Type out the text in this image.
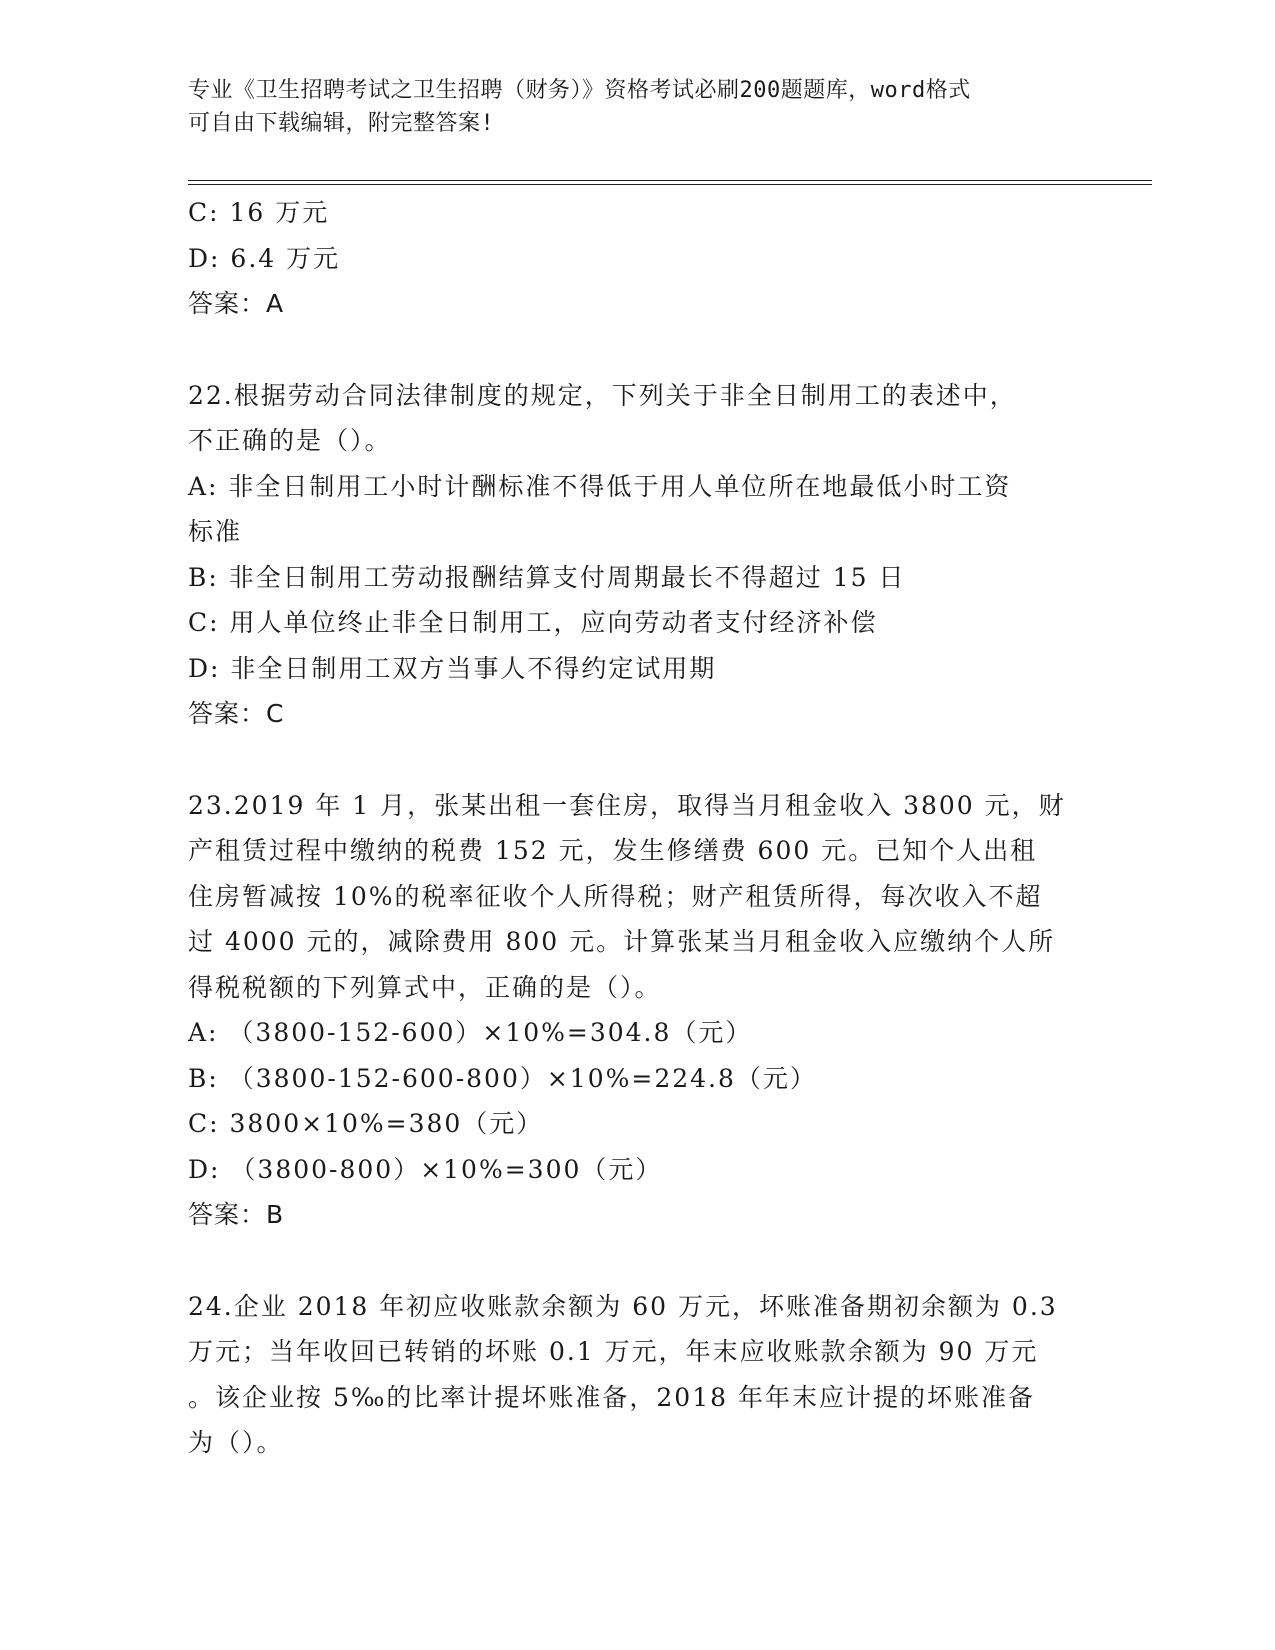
专业《卫生招聘考试之卫生招聘（财务）》资格考试必刷200题题库，word格式
可自由下载编辑，附完整答案!
C: 16 万元
D: 6.4 万元
答案：A
22.根据劳动合同法律制度的规定，下列关于非全日制用工的表述中，
不正确的是（）。
A: 非全日制用工小时计酬标准不得低于用人单位所在地最低小时工资
标准
B: 非全日制用工劳动报酬结算支付周期最长不得超过 15 日
C: 用人单位终止非全日制用工，应向劳动者支付经济补偿
D: 非全日制用工双方当事人不得约定试用期
答案：C
23.2019 年 1 月，张某出租一套住房，取得当月租金收入 3800 元，财
产租赁过程中缴纳的税费 152 元，发生修缮费 600 元。已知个人出租
住房暂减按 10%的税率征收个人所得税；财产租赁所得，每次收入不超
过 4000 元的，减除费用 800 元。计算张某当月租金收入应缴纳个人所
得税税额的下列算式中，正确的是（）。
A: （3800-152-600）×10%=304.8（元）
B: （3800-152-600-800）×10%=224.8（元）
C: 3800×10%=380（元）
D: （3800-800）×10%=300（元）
答案：B
24.企业 2018 年初应收账款余额为 60 万元，坏账准备期初余额为 0.3
万元；当年收回已转销的坏账 0.1 万元，年末应收账款余额为 90 万元
。该企业按 5‰的比率计提坏账准备，2018 年年末应计提的坏账准备
为（）。
